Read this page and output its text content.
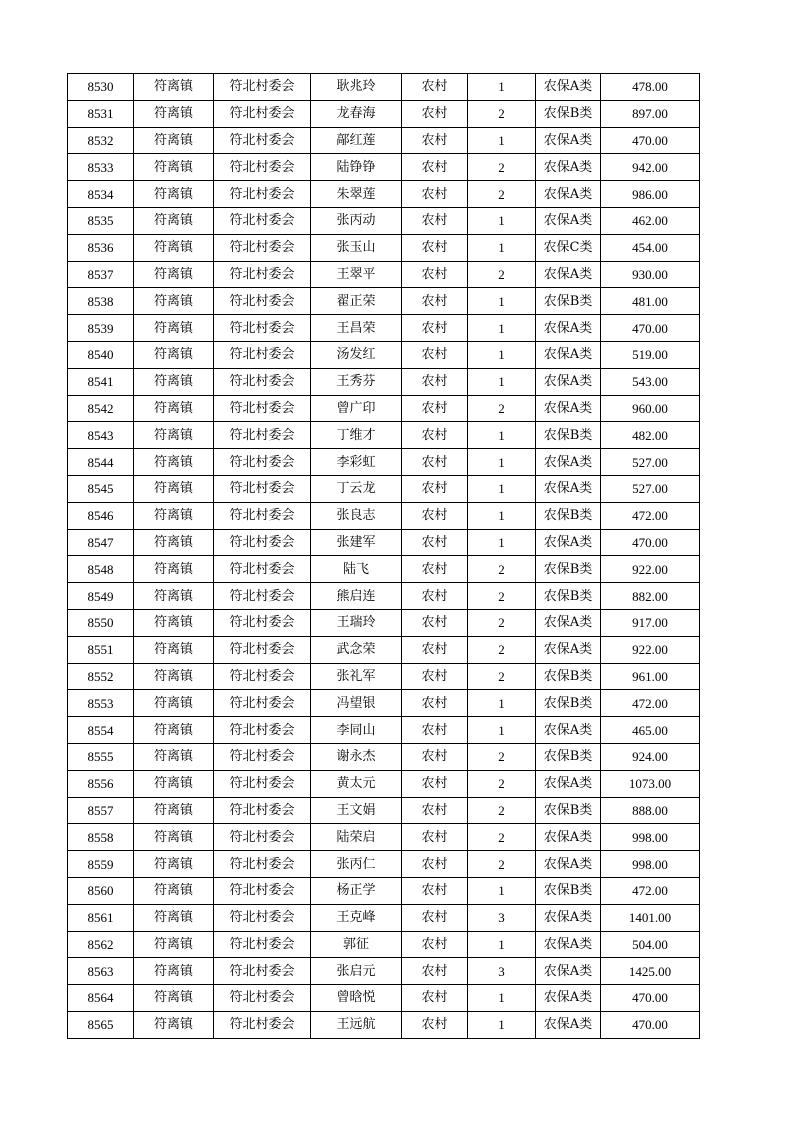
8530	符离镇	符北村委会	耿兆玲	农村	1	农保A类	478.00
8531	符离镇	符北村委会	龙春海	农村	2	农保B类	897.00
8532	符离镇	符北村委会	鄗红莲	农村	1	农保A类	470.00
8533	符离镇	符北村委会	陆铮铮	农村	2	农保A类	942.00
8534	符离镇	符北村委会	朱翠莲	农村	2	农保A类	986.00
8535	符离镇	符北村委会	张丙动	农村	1	农保A类	462.00
8536	符离镇	符北村委会	张玉山	农村	1	农保C类	454.00
8537	符离镇	符北村委会	王翠平	农村	2	农保A类	930.00
8538	符离镇	符北村委会	翟正荣	农村	1	农保B类	481.00
8539	符离镇	符北村委会	王昌荣	农村	1	农保A类	470.00
8540	符离镇	符北村委会	汤发红	农村	1	农保A类	519.00
8541	符离镇	符北村委会	王秀芬	农村	1	农保A类	543.00
8542	符离镇	符北村委会	曾广印	农村	2	农保A类	960.00
8543	符离镇	符北村委会	丁维才	农村	1	农保B类	482.00
8544	符离镇	符北村委会	李彩虹	农村	1	农保A类	527.00
8545	符离镇	符北村委会	丁云龙	农村	1	农保A类	527.00
8546	符离镇	符北村委会	张良志	农村	1	农保B类	472.00
8547	符离镇	符北村委会	张建军	农村	1	农保A类	470.00
8548	符离镇	符北村委会	陆飞	农村	2	农保B类	922.00
8549	符离镇	符北村委会	熊启连	农村	2	农保B类	882.00
8550	符离镇	符北村委会	王瑞玲	农村	2	农保A类	917.00
8551	符离镇	符北村委会	武念荣	农村	2	农保A类	922.00
8552	符离镇	符北村委会	张礼军	农村	2	农保B类	961.00
8553	符离镇	符北村委会	冯望银	农村	1	农保B类	472.00
8554	符离镇	符北村委会	李同山	农村	1	农保A类	465.00
8555	符离镇	符北村委会	谢永杰	农村	2	农保B类	924.00
8556	符离镇	符北村委会	黄太元	农村	2	农保A类	1073.00
8557	符离镇	符北村委会	王文娟	农村	2	农保B类	888.00
8558	符离镇	符北村委会	陆荣启	农村	2	农保A类	998.00
8559	符离镇	符北村委会	张丙仁	农村	2	农保A类	998.00
8560	符离镇	符北村委会	杨正学	农村	1	农保B类	472.00
8561	符离镇	符北村委会	王克峰	农村	3	农保A类	1401.00
8562	符离镇	符北村委会	郭征	农村	1	农保A类	504.00
8563	符离镇	符北村委会	张启元	农村	3	农保A类	1425.00
8564	符离镇	符北村委会	曾晗悦	农村	1	农保A类	470.00
8565	符离镇	符北村委会	王远航	农村	1	农保A类	470.00
